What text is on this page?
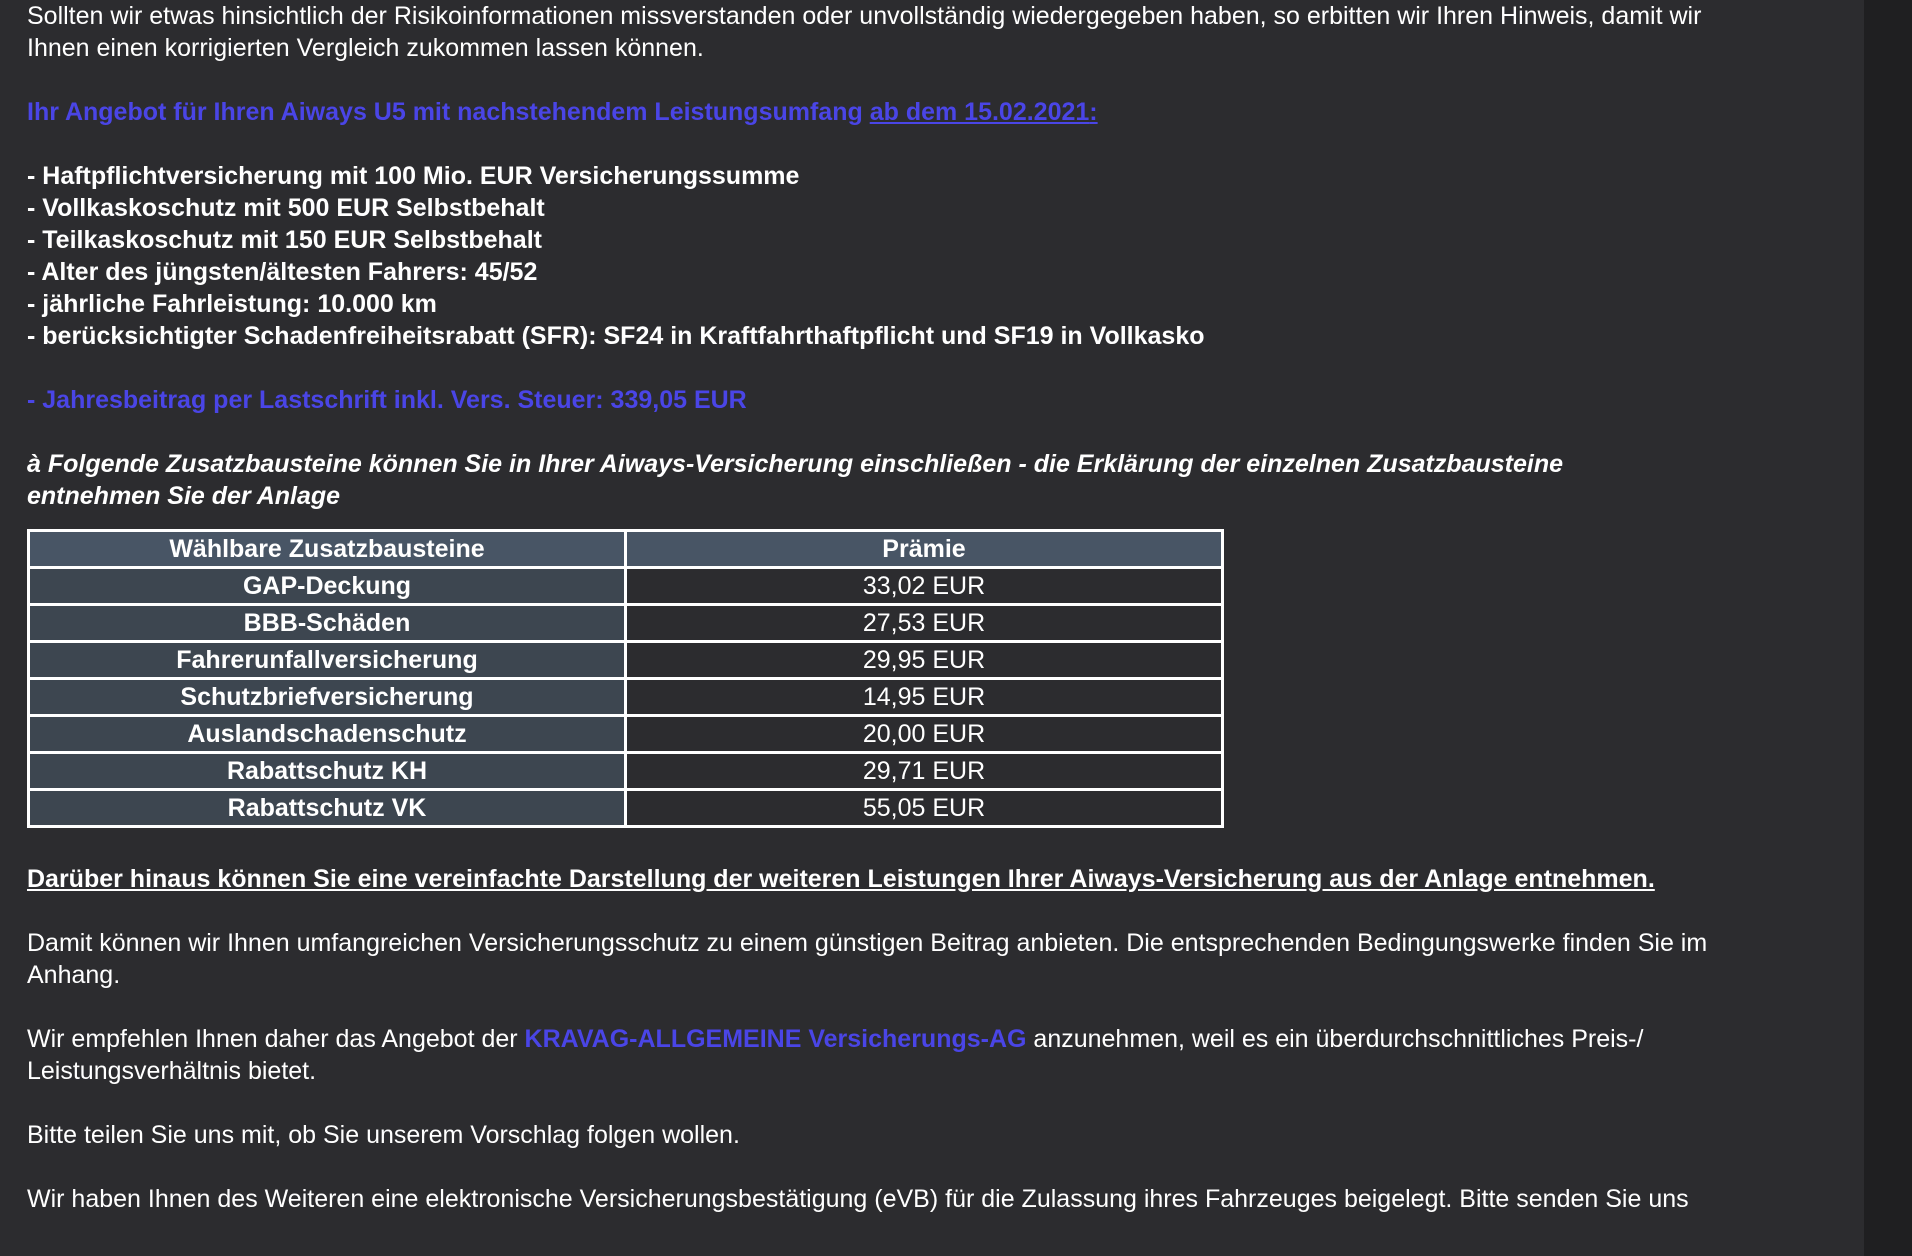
Sollten wir etwas hinsichtlich der Risikoinformationen missverstanden oder unvollständig wiedergegeben haben, so erbitten wir Ihren Hinweis, damit wir
Ihnen einen korrigierten Vergleich zukommen lassen können.

Ihr Angebot für Ihren Aiways U5 mit nachstehendem Leistungsumfang ab dem 15.02.2021:

- Haftpflichtversicherung mit 100 Mio. EUR Versicherungssumme

- Vollkaskoschutz mit 500 EUR Selbstbehalt

- Teilkaskoschutz mit 150 EUR Selbstbehalt

- Alter des jüngsten/ältesten Fahrers: 45/52

- jährliche Fahrleistung: 10.000 km

- berücksichtigter Schadenfreiheitsrabatt (SFR): SF24 in Kraftfahrthaftpflicht und SF19 in Vollkasko

- Jahresbeitrag per Lastschrift inkl. Vers. Steuer: 339,05 EUR

à Folgende Zusatzbausteine können Sie in Ihrer Aiways-Versicherung einschließen - die Erklärung der einzelnen Zusatzbausteine
entnehmen Sie der Anlage

Wählbare Zusatzbausteine	Prämie
GAP-Deckung	33,02 EUR
BBB-Schäden	27,53 EUR
Fahrerunfallversicherung	29,95 EUR
Schutzbriefversicherung	14,95 EUR
Auslandschadenschutz	20,00 EUR
Rabattschutz KH	29,71 EUR
Rabattschutz VK	55,05 EUR

Darüber hinaus können Sie eine vereinfachte Darstellung der weiteren Leistungen Ihrer Aiways-Versicherung aus der Anlage entnehmen.

Damit können wir Ihnen umfangreichen Versicherungsschutz zu einem günstigen Beitrag anbieten. Die entsprechenden Bedingungswerke finden Sie im
Anhang.

Wir empfehlen Ihnen daher das Angebot der KRAVAG-ALLGEMEINE Versicherungs-AG anzunehmen, weil es ein überdurchschnittliches Preis-/
Leistungsverhältnis bietet.

Bitte teilen Sie uns mit, ob Sie unserem Vorschlag folgen wollen.

Wir haben Ihnen des Weiteren eine elektronische Versicherungsbestätigung (eVB) für die Zulassung ihres Fahrzeuges beigelegt. Bitte senden Sie uns
